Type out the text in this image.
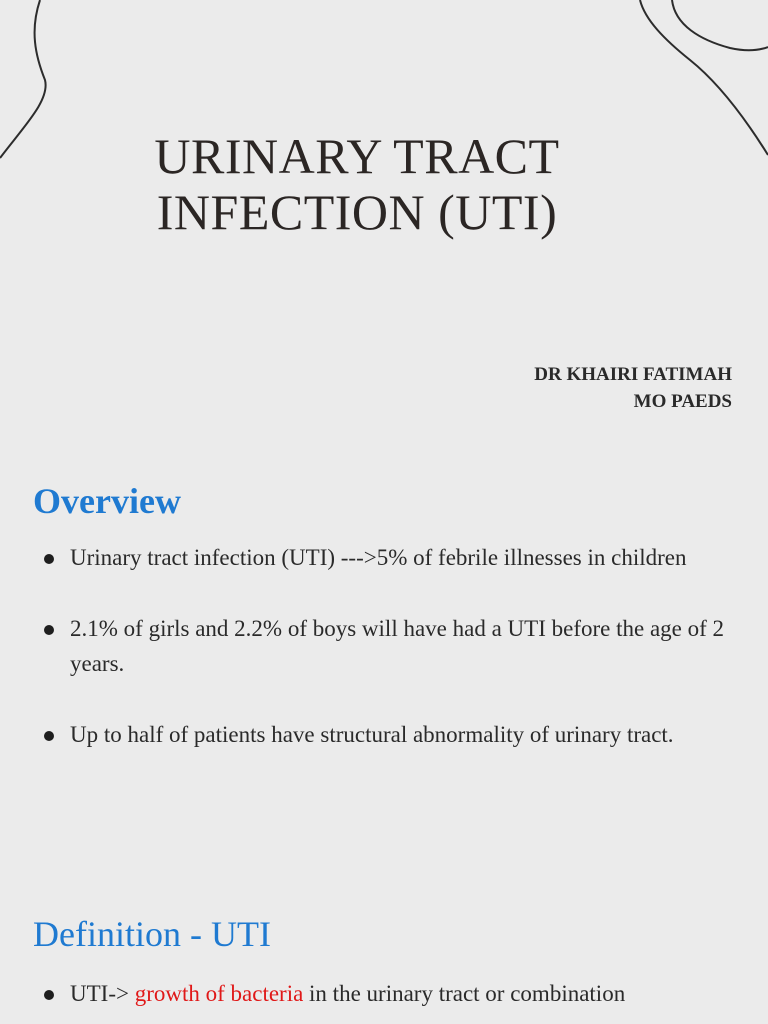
URINARY TRACT
INFECTION (UTI)
DR KHAIRI FATIMAH
MO PAEDS
Overview
Urinary tract infection (UTI) --->5% of febrile illnesses in children
2.1% of girls and 2.2% of boys will have had a UTI before the age of 2 years.
Up to half of patients have structural abnormality of urinary tract.
Definition - UTI
UTI-> growth of bacteria in the urinary tract or combination
